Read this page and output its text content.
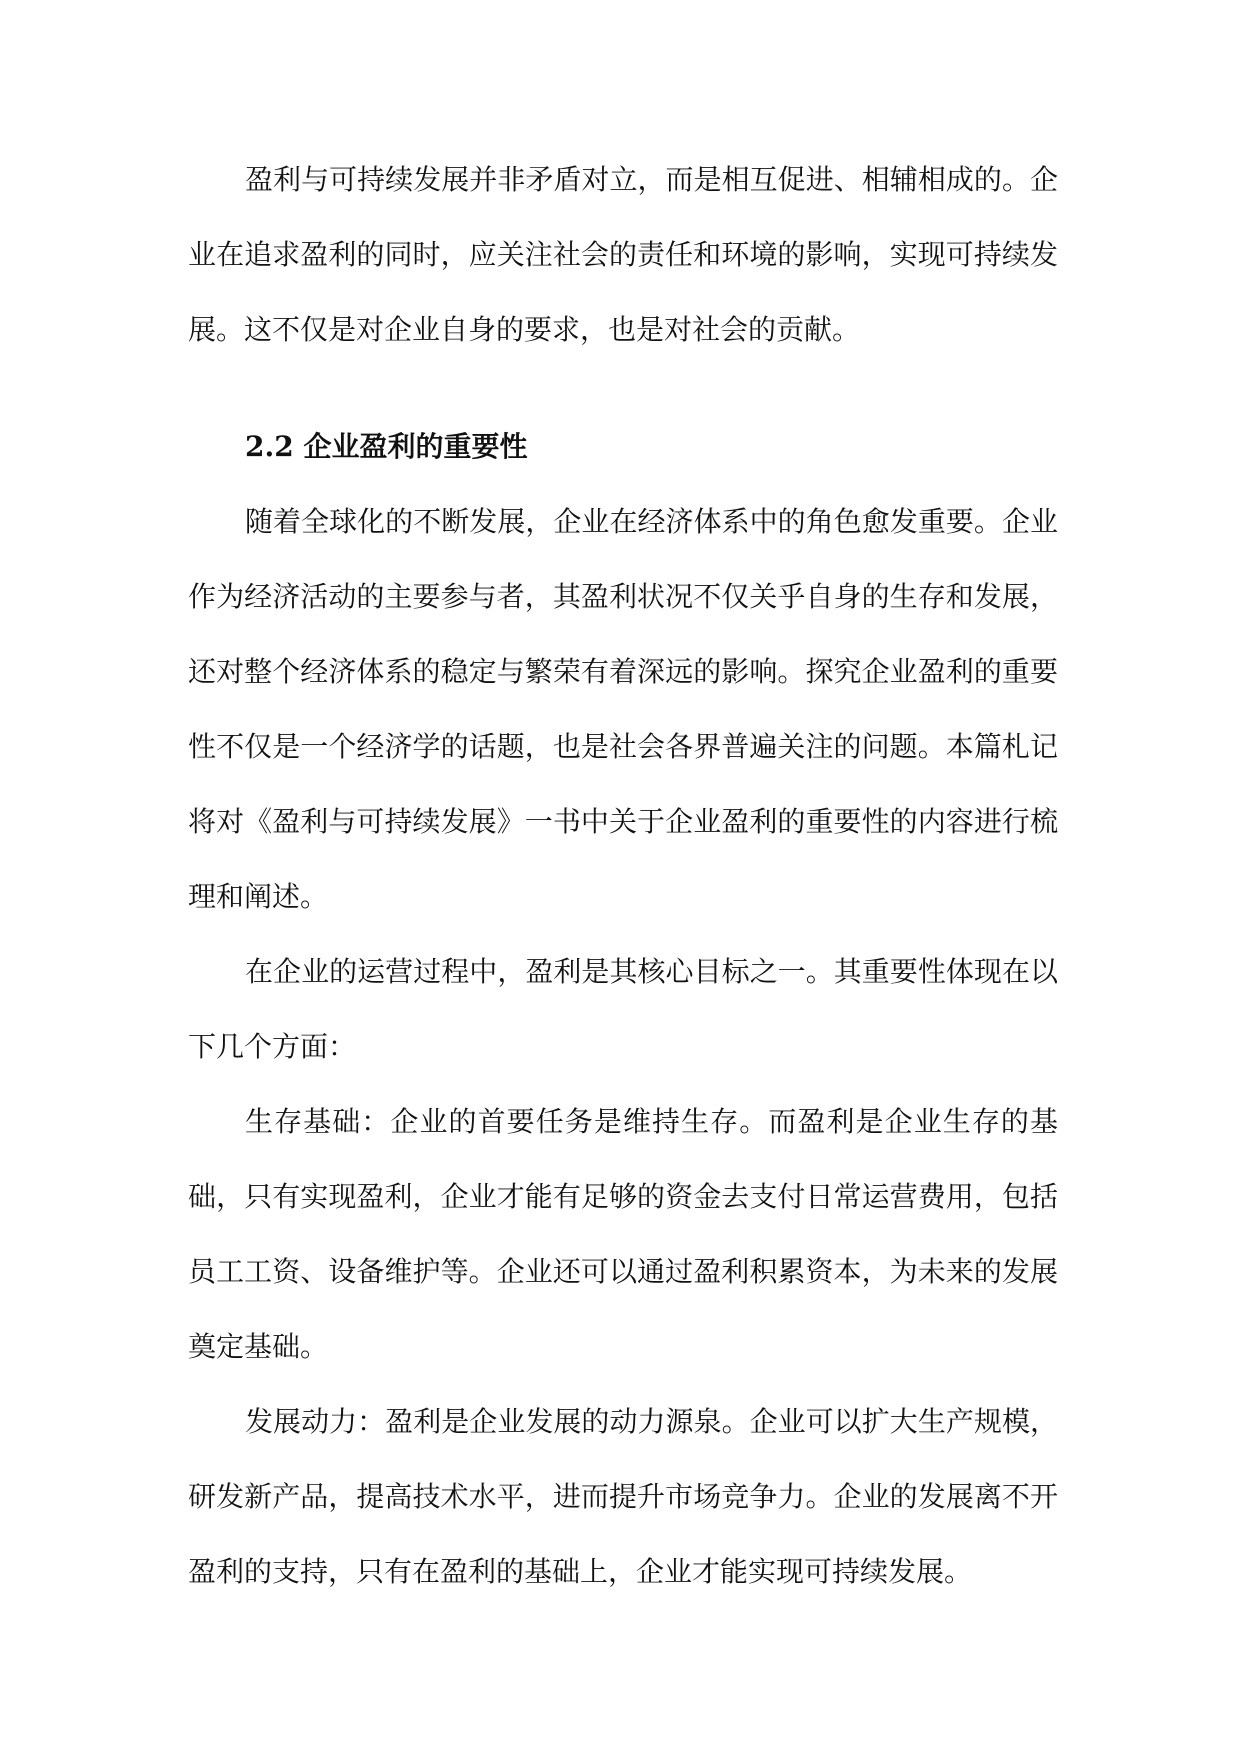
盈利与可持续发展并非矛盾对立，而是相互促进、相辅相成的。企业在追求盈利的同时，应关注社会的责任和环境的影响，实现可持续发展。这不仅是对企业自身的要求，也是对社会的贡献。

2.2 企业盈利的重要性

随着全球化的不断发展，企业在经济体系中的角色愈发重要。企业作为经济活动的主要参与者，其盈利状况不仅关乎自身的生存和发展，还对整个经济体系的稳定与繁荣有着深远的影响。探究企业盈利的重要性不仅是一个经济学的话题，也是社会各界普遍关注的问题。本篇札记将对《盈利与可持续发展》一书中关于企业盈利的重要性的内容进行梳理和阐述。

在企业的运营过程中，盈利是其核心目标之一。其重要性体现在以下几个方面：

生存基础：企业的首要任务是维持生存。而盈利是企业生存的基础，只有实现盈利，企业才能有足够的资金去支付日常运营费用，包括员工工资、设备维护等。企业还可以通过盈利积累资本，为未来的发展奠定基础。

发展动力：盈利是企业发展的动力源泉。企业可以扩大生产规模，研发新产品，提高技术水平，进而提升市场竞争力。企业的发展离不开盈利的支持，只有在盈利的基础上，企业才能实现可持续发展。
